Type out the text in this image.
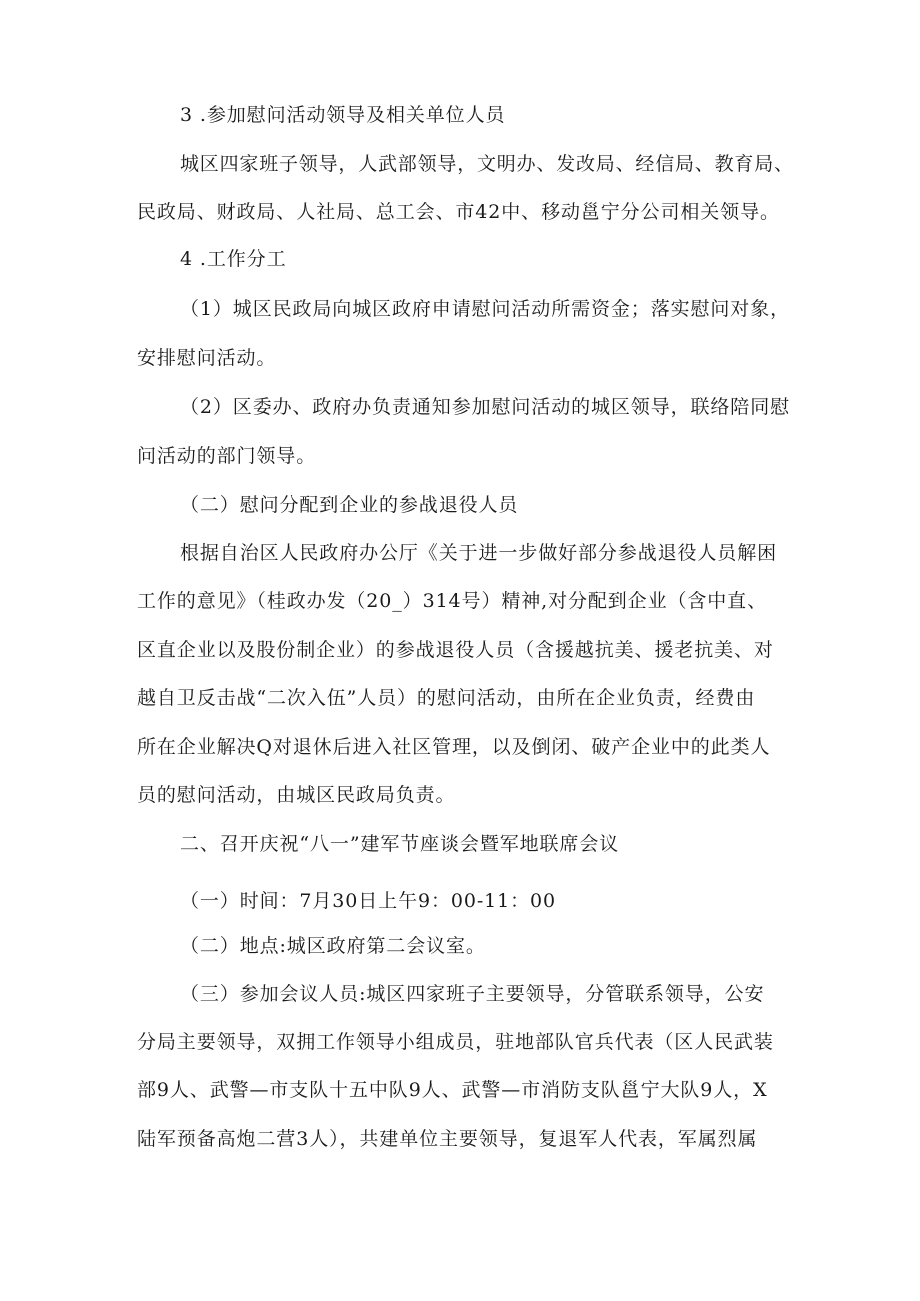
3 .参加慰问活动领导及相关单位人员
城区四家班子领导，人武部领导，文明办、发改局、经信局、教育局、
民政局、财政局、人社局、总工会、市42中、移动邕宁分公司相关领导。
4 .工作分工
（1）城区民政局向城区政府申请慰问活动所需资金；落实慰问对象，
安排慰问活动。
（2）区委办、政府办负责通知参加慰问活动的城区领导，联络陪同慰
问活动的部门领导。
（二）慰问分配到企业的参战退役人员
根据自治区人民政府办公厅《关于进一步做好部分参战退役人员解困
工作的意见》（桂政办发（20_）314号）精神,对分配到企业（含中直、
区直企业以及股份制企业）的参战退役人员（含援越抗美、援老抗美、对
越自卫反击战“二次入伍”人员）的慰问活动，由所在企业负责，经费由
所在企业解决Q对退休后进入社区管理，以及倒闭、破产企业中的此类人
员的慰问活动，由城区民政局负责。
二、召开庆祝“八一”建军节座谈会暨军地联席会议
（一）时间：7月30日上午9：00-11：00
（二）地点:城区政府第二会议室。
（三）参加会议人员:城区四家班子主要领导，分管联系领导，公安
分局主要领导，双拥工作领导小组成员，驻地部队官兵代表（区人民武装
部9人、武警—市支队十五中队9人、武警—市消防支队邕宁大队9人，X
陆军预备高炮二营3人），共建单位主要领导，复退军人代表，军属烈属
